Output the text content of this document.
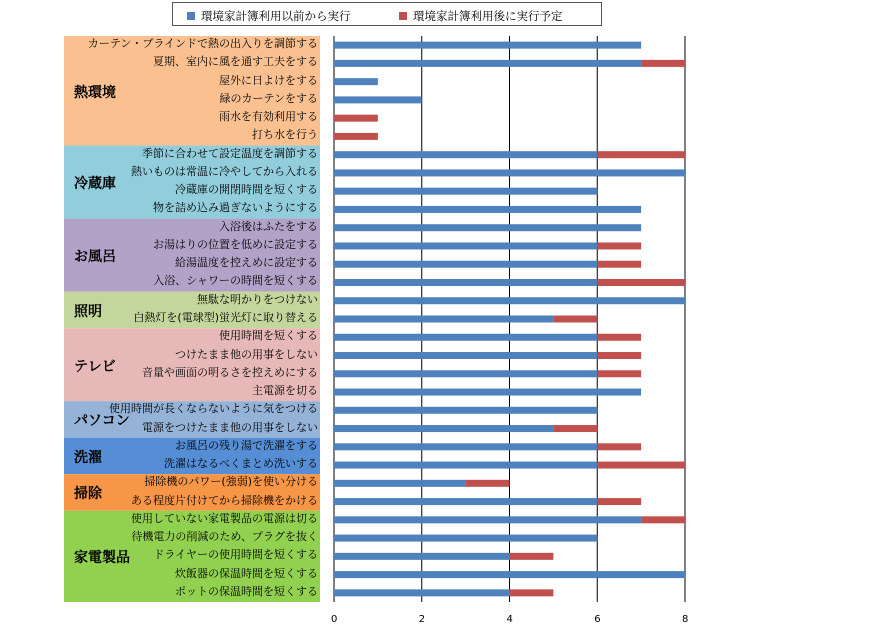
環境家計簿利用以前から実行	環境家計簿利用後に実行予定
熱環境
冷蔵庫
お風呂
照明
テレビ
パソコン
洗濯
掃除
家電製品
0	2	4	6	8
カーテン・ブラインドで熱の出入りを調節する
夏期、室内に風を通す工夫をする
屋外に日よけをする
緑のカーテンをする
雨水を有効利用する
打ち水を行う
季節に合わせて設定温度を調節する
熱いものは常温に冷やしてから入れる
冷蔵庫の開閉時間を短くする
物を詰め込み過ぎないようにする
入浴後はふたをする
お湯はりの位置を低めに設定する
給湯温度を控えめに設定する
入浴、シャワーの時間を短くする
無駄な明かりをつけない
白熱灯を(電球型)蛍光灯に取り替える
使用時間を短くする
つけたまま他の用事をしない
音量や画面の明るさを控えめにする
主電源を切る
使用時間が長くならないように気をつける
電源をつけたまま他の用事をしない
お風呂の残り湯で洗濯をする
洗濯はなるべくまとめ洗いする
掃除機のパワー(強弱)を使い分ける
ある程度片付けてから掃除機をかける
使用していない家電製品の電源は切る
待機電力の削減のため、プラグを抜く
ドライヤーの使用時間を短くする
炊飯器の保温時間を短くする
ポットの保温時間を短くする
